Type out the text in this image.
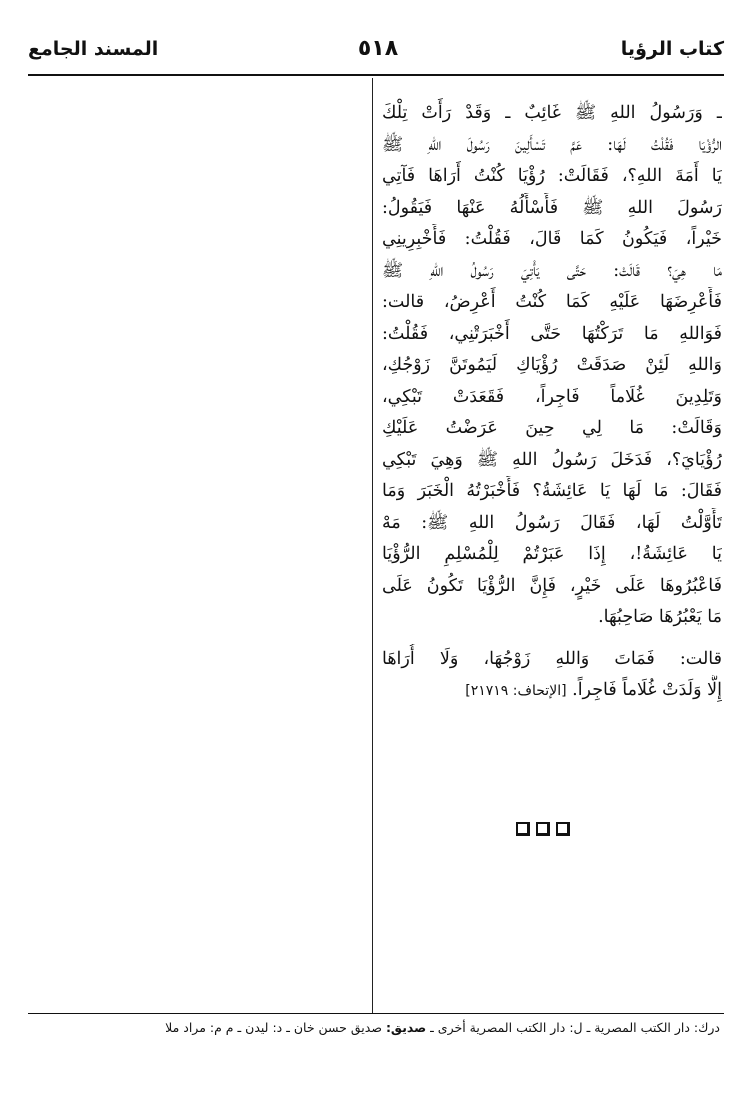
كتاب الرؤيا
٥١٨
المسند الجامع
ـ وَرَسُولُ اللهِ ﷺ غَائِبٌ ـ وَقَدْ رَأَتْ تِلْكَ
الرُّؤْيَا فَقُلْتُ لَهَا: عَمَّ تَسْأَلِينَ رَسُولَ اللهِ ﷺ
يَا أَمَةَ اللهِ؟، فَقَالَتْ: رُؤْيَا كُنْتُ أَرَاهَا فَآتِي
رَسُولَ اللهِ ﷺ فَأَسْأَلُهُ عَنْهَا فَيَقُولُ:
خَيْراً، فَيَكُونُ كَمَا قَالَ، فَقُلْتُ: فَأَخْبِرِينِي
مَا هِيَ؟ قَالَتْ: حَتَّى يَأْتِيَ رَسُولُ اللهِ ﷺ
فَأَعْرِضَهَا عَلَيْهِ كَمَا كُنْتُ أَعْرِضُ، قالت:
فَوَاللهِ مَا تَرَكْتُهَا حَتَّى أَخْبَرَتْنِي، فَقُلْتُ:
وَاللهِ لَئِنْ صَدَقَتْ رُؤْيَاكِ لَيَمُوتَنَّ زَوْجُكِ،
وَتَلِدِينَ غُلَاماً فَاجِراً، فَقَعَدَتْ تَبْكِي،
وَقَالَتْ: مَا لِي حِينَ عَرَضْتُ عَلَيْكِ
رُؤْيَايَ؟، فَدَخَلَ رَسُولُ اللهِ ﷺ وَهِيَ تَبْكِي
فَقَالَ: مَا لَهَا يَا عَائِشَةُ؟ فَأَخْبَرْتُهُ الْخَبَرَ وَمَا
تَأَوَّلْتُ لَهَا، فَقَالَ رَسُولُ اللهِ ﷺ: مَهْ
يَا عَائِشَةُ!، إِذَا عَبَرْتُمْ لِلْمُسْلِمِ الرُّؤْيَا
فَاعْبُرُوهَا عَلَى خَيْرٍ، فَإِنَّ الرُّؤْيَا تَكُونُ عَلَى
مَا يَعْبُرُهَا صَاحِبُهَا.
قالت: فَمَاتَ وَاللهِ زَوْجُهَا، وَلَا أُرَاهَا
إِلَّا وَلَدَتْ غُلَاماً فَاجِراً. [الإتحاف: ٢١٧١٩]
درك: دار الكتب المصرية ـ ل: دار الكتب المصرية أخرى ـ صديق: صديق حسن خان ـ د: ليدن ـ م م: مراد ملا
